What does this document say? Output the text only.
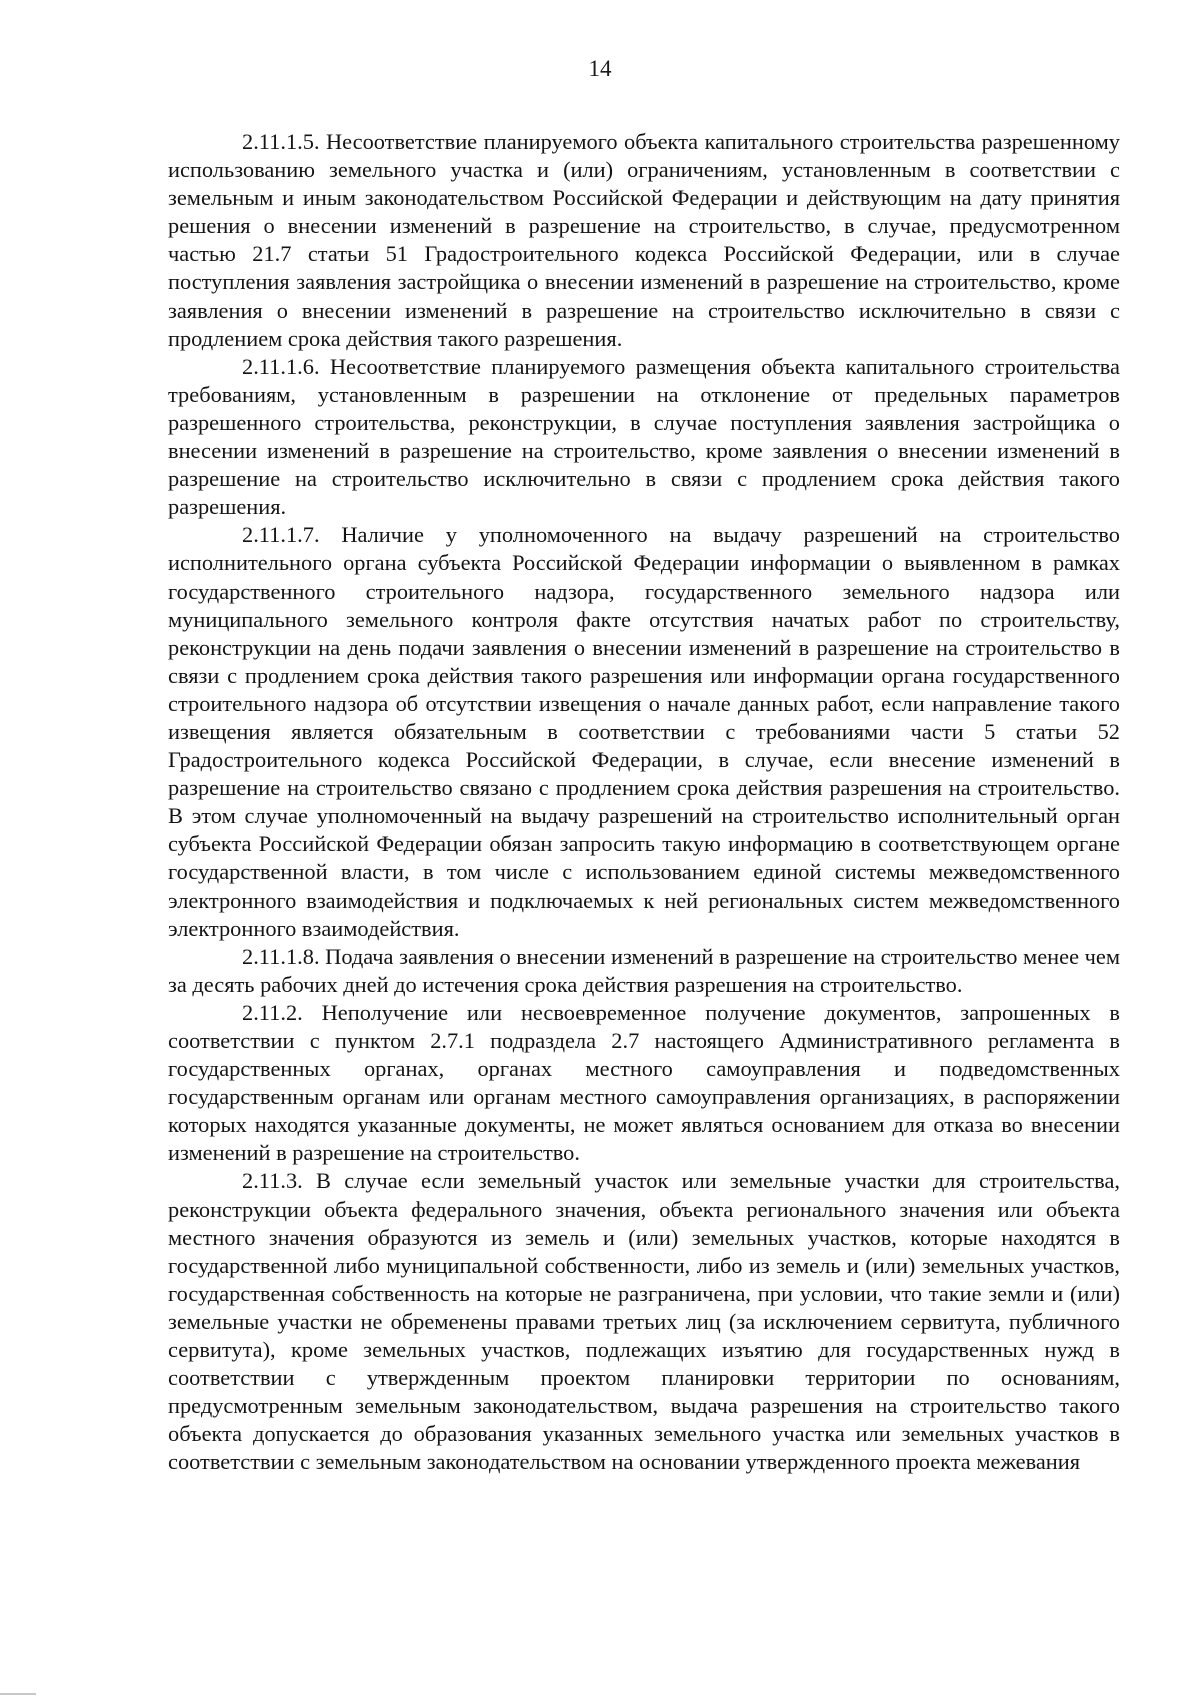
14

2.11.1.5. Несоответствие планируемого объекта капитального строительства разрешенному использованию земельного участка и (или) ограничениям, установленным в соответствии с земельным и иным законодательством Российской Федерации и действующим на дату принятия решения о внесении изменений в разрешение на строительство, в случае, предусмотренном частью 21.7 статьи 51 Градостроительного кодекса Российской Федерации, или в случае поступления заявления застройщика о внесении изменений в разрешение на строительство, кроме заявления о внесении изменений в разрешение на строительство исключительно в связи с продлением срока действия такого разрешения.

2.11.1.6. Несоответствие планируемого размещения объекта капитального строительства требованиям, установленным в разрешении на отклонение от предельных параметров разрешенного строительства, реконструкции, в случае поступления заявления застройщика о внесении изменений в разрешение на строительство, кроме заявления о внесении изменений в разрешение на строительство исключительно в связи с продлением срока действия такого разрешения.

2.11.1.7. Наличие у уполномоченного на выдачу разрешений на строительство исполнительного органа субъекта Российской Федерации информации о выявленном в рамках государственного строительного надзора, государственного земельного надзора или муниципального земельного контроля факте отсутствия начатых работ по строительству, реконструкции на день подачи заявления о внесении изменений в разрешение на строительство в связи с продлением срока действия такого разрешения или информации органа государственного строительного надзора об отсутствии извещения о начале данных работ, если направление такого извещения является обязательным в соответствии с требованиями части 5 статьи 52 Градостроительного кодекса Российской Федерации, в случае, если внесение изменений в разрешение на строительство связано с продлением срока действия разрешения на строительство. В этом случае уполномоченный на выдачу разрешений на строительство исполнительный орган субъекта Российской Федерации обязан запросить такую информацию в соответствующем органе государственной власти, в том числе с использованием единой системы межведомственного электронного взаимодействия и подключаемых к ней региональных систем межведомственного электронного взаимодействия.

2.11.1.8. Подача заявления о внесении изменений в разрешение на строительство менее чем за десять рабочих дней до истечения срока действия разрешения на строительство.

2.11.2. Неполучение или несвоевременное получение документов, запрошенных в соответствии с пунктом 2.7.1 подраздела 2.7 настоящего Административного регламента в государственных органах, органах местного самоуправления и подведомственных государственным органам или органам местного самоуправления организациях, в распоряжении которых находятся указанные документы, не может являться основанием для отказа во внесении изменений в разрешение на строительство.

2.11.3. В случае если земельный участок или земельные участки для строительства, реконструкции объекта федерального значения, объекта регионального значения или объекта местного значения образуются из земель и (или) земельных участков, которые находятся в государственной либо муниципальной собственности, либо из земель и (или) земельных участков, государственная собственность на которые не разграничена, при условии, что такие земли и (или) земельные участки не обременены правами третьих лиц (за исключением сервитута, публичного сервитута), кроме земельных участков, подлежащих изъятию для государственных нужд в соответствии с утвержденным проектом планировки территории по основаниям, предусмотренным земельным законодательством, выдача разрешения на строительство такого объекта допускается до образования указанных земельного участка или земельных участков в соответствии с земельным законодательством на основании утвержденного проекта межевания
